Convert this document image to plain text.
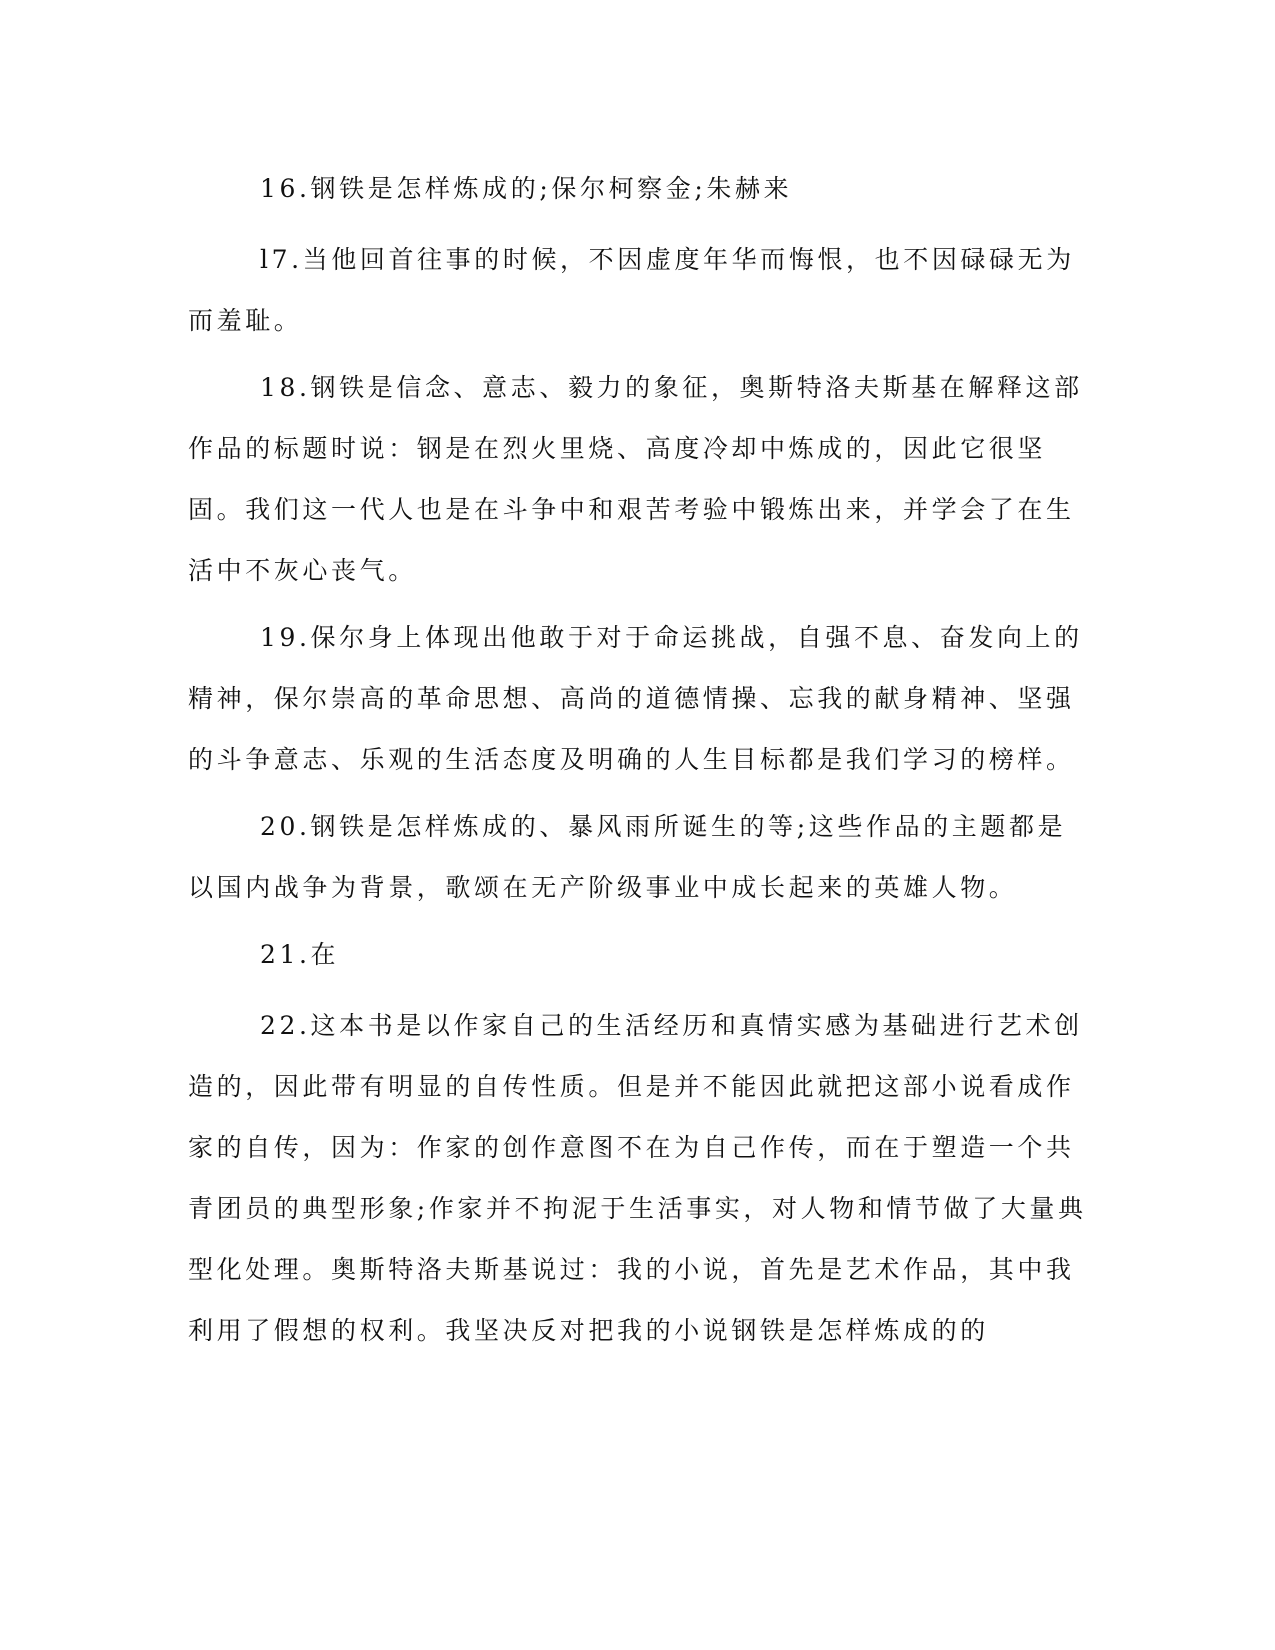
16.钢铁是怎样炼成的;保尔柯察金;朱赫来

l7.当他回首往事的时候，不因虚度年华而悔恨，也不因碌碌无为而羞耻。

18.钢铁是信念、意志、毅力的象征，奥斯特洛夫斯基在解释这部作品的标题时说：钢是在烈火里烧、高度冷却中炼成的，因此它很坚固。我们这一代人也是在斗争中和艰苦考验中锻炼出来，并学会了在生活中不灰心丧气。

19.保尔身上体现出他敢于对于命运挑战，自强不息、奋发向上的精神，保尔崇高的革命思想、高尚的道德情操、忘我的献身精神、坚强的斗争意志、乐观的生活态度及明确的人生目标都是我们学习的榜样。

20.钢铁是怎样炼成的、暴风雨所诞生的等;这些作品的主题都是以国内战争为背景，歌颂在无产阶级事业中成长起来的英雄人物。

21.在

22.这本书是以作家自己的生活经历和真情实感为基础进行艺术创造的，因此带有明显的自传性质。但是并不能因此就把这部小说看成作家的自传，因为：作家的创作意图不在为自己作传，而在于塑造一个共青团员的典型形象;作家并不拘泥于生活事实，对人物和情节做了大量典型化处理。奥斯特洛夫斯基说过：我的小说，首先是艺术作品，其中我利用了假想的权利。我坚决反对把我的小说钢铁是怎样炼成的的
